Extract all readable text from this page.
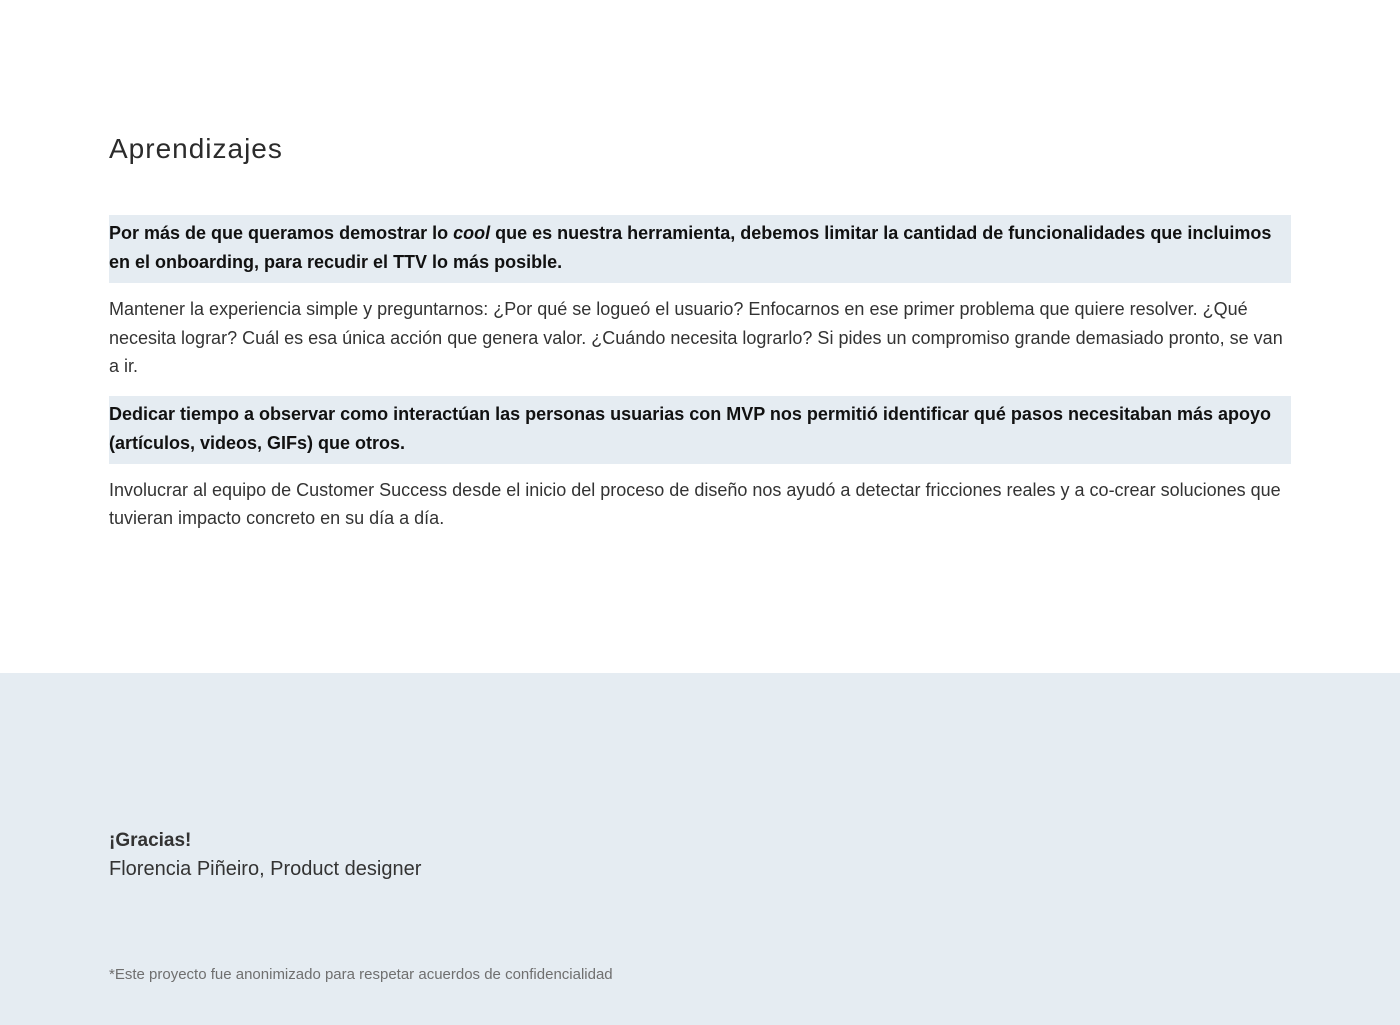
Aprendizajes

Por más de que queramos demostrar lo cool que es nuestra herramienta, debemos limitar la cantidad de funcionalidades que incluimos en el onboarding, para recudir el TTV lo más posible.

Mantener la experiencia simple y preguntarnos: ¿Por qué se logueó el usuario? Enfocarnos en ese primer problema que quiere resolver. ¿Qué necesita lograr? Cuál es esa única acción que genera valor. ¿Cuándo necesita lograrlo? Si pides un compromiso grande demasiado pronto, se van a ir.

Dedicar tiempo a observar como interactúan las personas usuarias con MVP nos permitió identificar qué pasos necesitaban más apoyo (artículos, videos, GIFs) que otros.

Involucrar al equipo de Customer Success desde el inicio del proceso de diseño nos ayudó a detectar fricciones reales y a co-crear soluciones que tuvieran impacto concreto en su día a día.

¡Gracias!

Florencia Piñeiro, Product designer

*Este proyecto fue anonimizado para respetar acuerdos de confidencialidad
